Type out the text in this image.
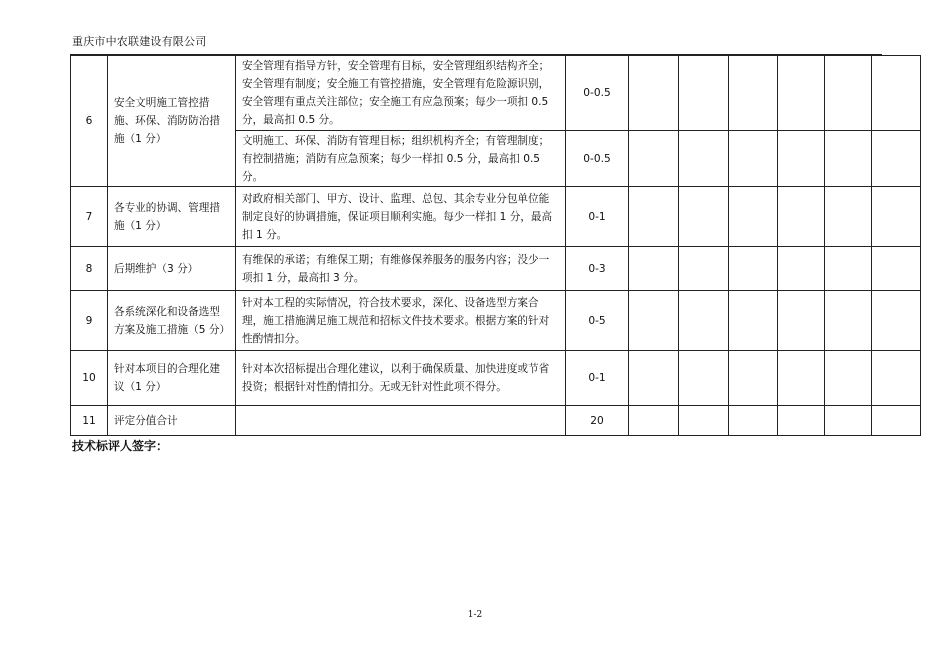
重庆市中农联建设有限公司
6	安全文明施工管控措施、环保、消防防治措施（1 分）	安全管理有指导方针，安全管理有目标，安全管理组织结构齐全；安全管理有制度；安全施工有管控措施，安全管理有危险源识别，安全管理有重点关注部位；安全施工有应急预案；每少一项扣 0.5 分，最高扣 0.5 分。	0-0.5						
		文明施工、环保、消防有管理目标；组织机构齐全；有管理制度；有控制措施；消防有应急预案；每少一样扣 0.5 分，最高扣 0.5 分。	0-0.5						
7	各专业的协调、管理措施（1 分）	对政府相关部门、甲方、设计、监理、总包、其余专业分包单位能制定良好的协调措施，保证项目顺利实施。每少一样扣 1 分，最高扣 1 分。	0-1						
8	后期维护（3 分）	有维保的承诺；有维保工期；有维修保养服务的服务内容；没少一项扣 1 分，最高扣 3 分。	0-3						
9	各系统深化和设备选型方案及施工措施（5 分）	针对本工程的实际情况，符合技术要求，深化、设备选型方案合理，施工措施满足施工规范和招标文件技术要求。根据方案的针对性酌情扣分。	0-5						
10	针对本项目的合理化建议（1 分）	针对本次招标提出合理化建议，以利于确保质量、加快进度或节省投资；根据针对性酌情扣分。无或无针对性此项不得分。	0-1						
11	评定分值合计		20						
技术标评人签字：
1-2
